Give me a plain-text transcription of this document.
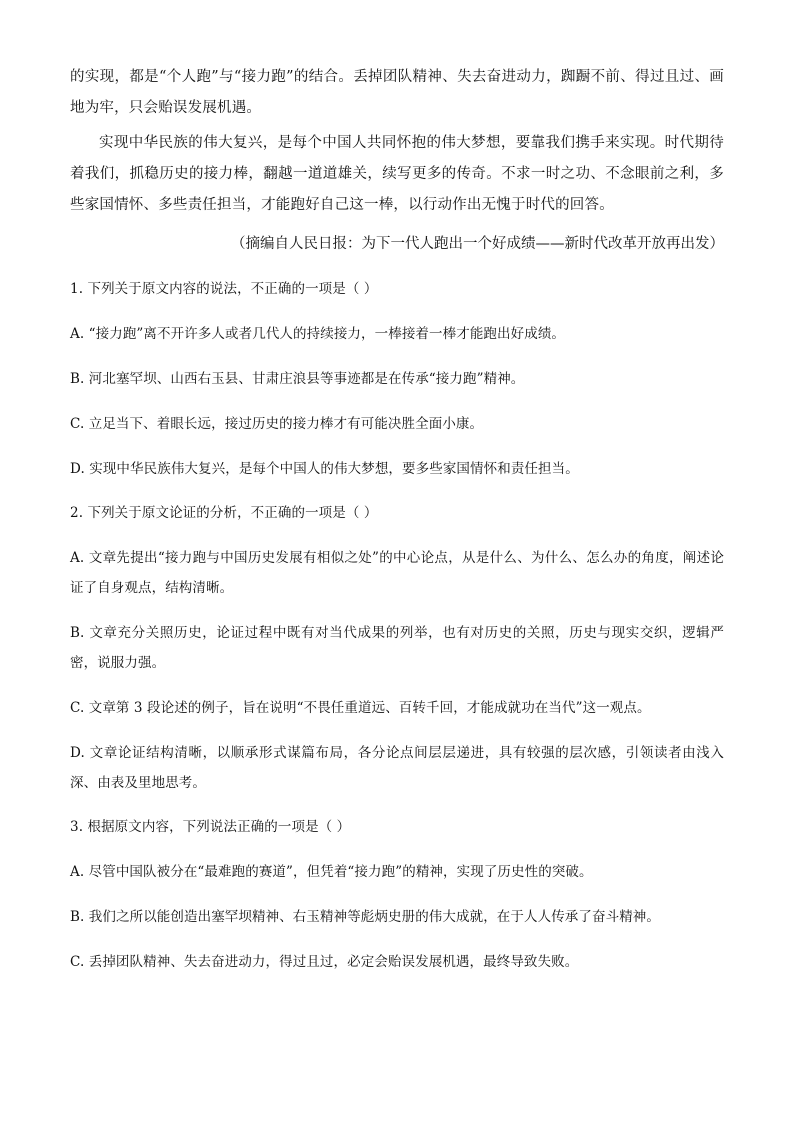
的实现，都是“个人跑”与“接力跑”的结合。丢掉团队精神、失去奋进动力，踟蹰不前、得过且过、画地为牢，只会贻误发展机遇。

实现中华民族的伟大复兴，是每个中国人共同怀抱的伟大梦想，要靠我们携手来实现。时代期待着我们，抓稳历史的接力棒，翻越一道道雄关，续写更多的传奇。不求一时之功、不念眼前之利，多些家国情怀、多些责任担当，才能跑好自己这一棒，以行动作出无愧于时代的回答。

（摘编自人民日报：为下一代人跑出一个好成绩——新时代改革开放再出发）

1. 下列关于原文内容的说法，不正确的一项是（ ）

A. “接力跑”离不开许多人或者几代人的持续接力，一棒接着一棒才能跑出好成绩。

B. 河北塞罕坝、山西右玉县、甘肃庄浪县等事迹都是在传承“接力跑”精神。

C. 立足当下、着眼长远，接过历史的接力棒才有可能决胜全面小康。

D. 实现中华民族伟大复兴，是每个中国人的伟大梦想，要多些家国情怀和责任担当。

2. 下列关于原文论证的分析，不正确的一项是（ ）

A. 文章先提出“接力跑与中国历史发展有相似之处”的中心论点，从是什么、为什么、怎么办的角度，阐述论证了自身观点，结构清晰。

B. 文章充分关照历史，论证过程中既有对当代成果的列举，也有对历史的关照，历史与现实交织，逻辑严密，说服力强。

C. 文章第 3 段论述的例子，旨在说明“不畏任重道远、百转千回，才能成就功在当代”这一观点。

D. 文章论证结构清晰，以顺承形式谋篇布局，各分论点间层层递进，具有较强的层次感，引领读者由浅入深、由表及里地思考。

3. 根据原文内容，下列说法正确的一项是（ ）

A. 尽管中国队被分在“最难跑的赛道”，但凭着“接力跑”的精神，实现了历史性的突破。

B. 我们之所以能创造出塞罕坝精神、右玉精神等彪炳史册的伟大成就，在于人人传承了奋斗精神。

C. 丢掉团队精神、失去奋进动力，得过且过，必定会贻误发展机遇，最终导致失败。
